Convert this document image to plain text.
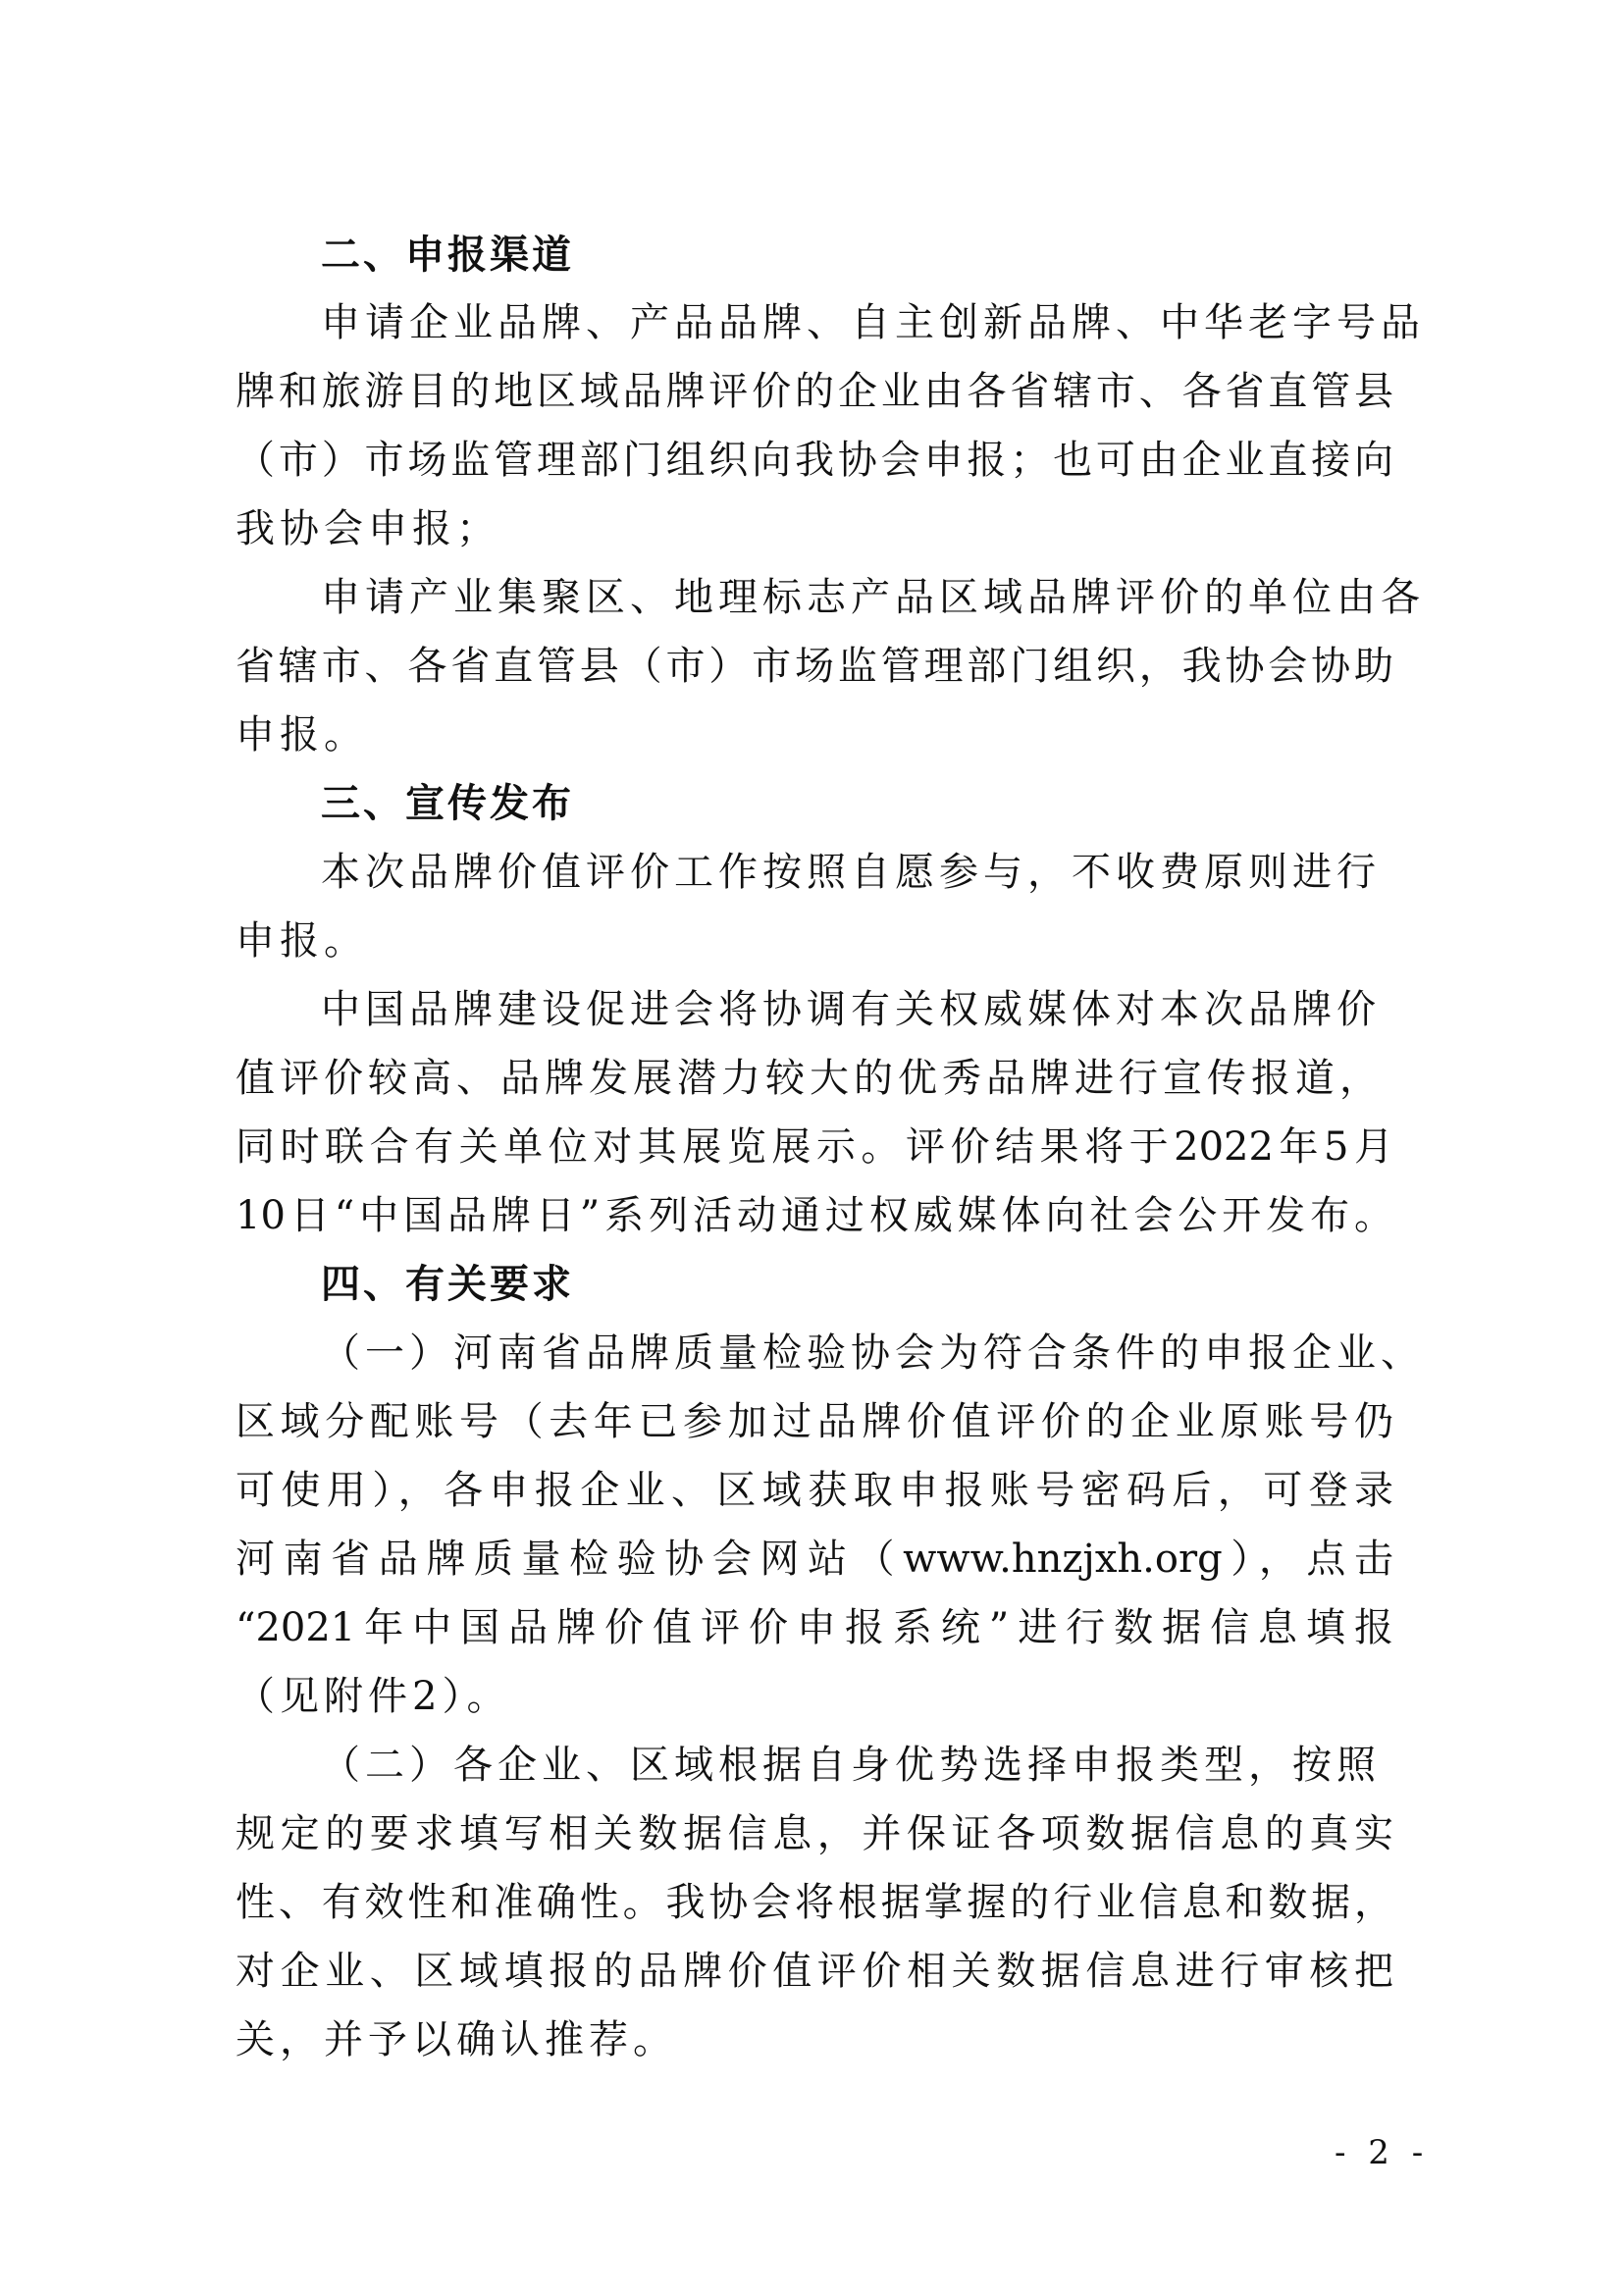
二、申报渠道
申请企业品牌、产品品牌、自主创新品牌、中华老字号品
牌和旅游目的地区域品牌评价的企业由各省辖市、各省直管县
（市）市场监管理部门组织向我协会申报；也可由企业直接向
我协会申报；
申请产业集聚区、地理标志产品区域品牌评价的单位由各
省辖市、各省直管县（市）市场监管理部门组织，我协会协助
申报。
三、宣传发布
本次品牌价值评价工作按照自愿参与，不收费原则进行
申报。
中国品牌建设促进会将协调有关权威媒体对本次品牌价
值评价较高、品牌发展潜力较大的优秀品牌进行宣传报道，
同时联合有关单位对其展览展示。评价结果将于2022年5月
10日“中国品牌日”系列活动通过权威媒体向社会公开发布。
四、有关要求
（一）河南省品牌质量检验协会为符合条件的申报企业、
区域分配账号（去年已参加过品牌价值评价的企业原账号仍
可使用），各申报企业、区域获取申报账号密码后，可登录
河南省品牌质量检验协会网站（www.hnzjxh.org），点击
“2021年中国品牌价值评价申报系统”进行数据信息填报
（见附件2）。
（二）各企业、区域根据自身优势选择申报类型，按照
规定的要求填写相关数据信息，并保证各项数据信息的真实
性、有效性和准确性。我协会将根据掌握的行业信息和数据，
对企业、区域填报的品牌价值评价相关数据信息进行审核把
关，并予以确认推荐。
- 2 -
